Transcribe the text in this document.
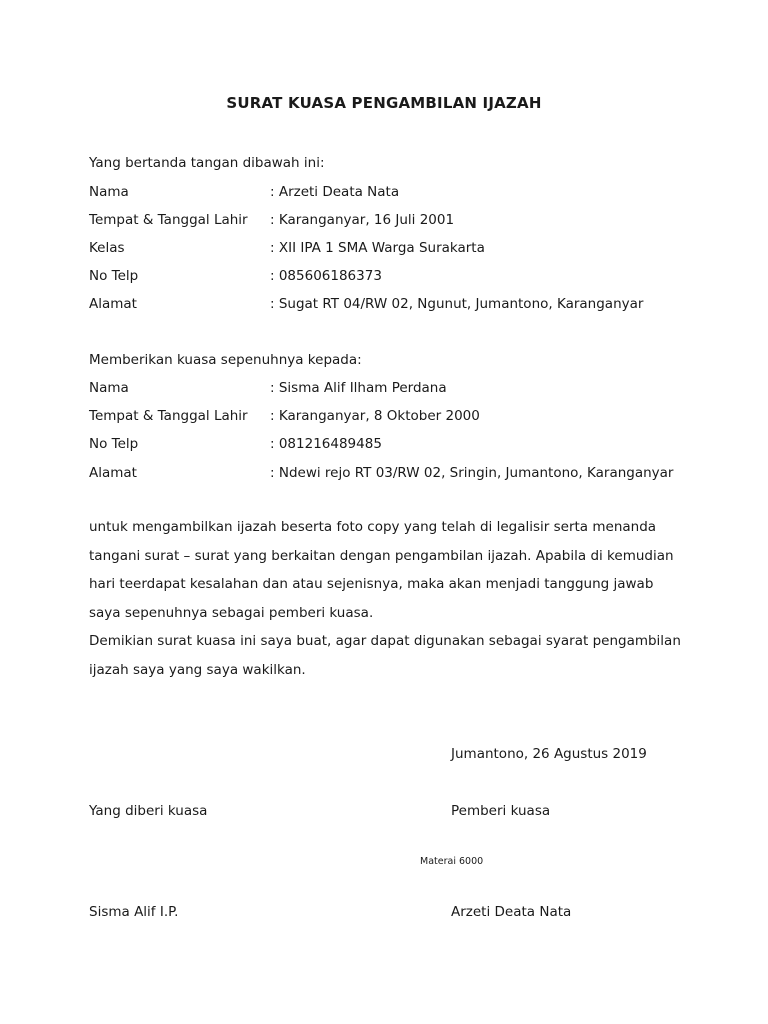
SURAT KUASA PENGAMBILAN IJAZAH
Yang bertanda tangan dibawah ini:
Nama	: Arzeti Deata Nata
Tempat & Tanggal Lahir : Karanganyar, 16 Juli 2001
Kelas	: XII IPA 1 SMA Warga Surakarta
No Telp	: 085606186373
Alamat	: Sugat RT 04/RW 02, Ngunut, Jumantono, Karanganyar
Memberikan kuasa sepenuhnya kepada:
Nama	: Sisma Alif Ilham Perdana
Tempat & Tanggal Lahir : Karanganyar, 8 Oktober 2000
No Telp	: 081216489485
Alamat	: Ndewi rejo RT 03/RW 02, Sringin, Jumantono, Karanganyar
untuk mengambilkan ijazah beserta foto copy yang telah di legalisir serta menanda
tangani surat – surat yang berkaitan dengan pengambilan ijazah. Apabila di kemudian
hari teerdapat kesalahan dan atau sejenisnya, maka akan menjadi tanggung jawab
saya sepenuhnya sebagai pemberi kuasa.
Demikian surat kuasa ini saya buat, agar dapat digunakan sebagai syarat pengambilan
ijazah saya yang saya wakilkan.
Jumantono, 26 Agustus 2019
Yang diberi kuasa	Pemberi kuasa
Materai 6000
Sisma Alif I.P.	Arzeti Deata Nata
